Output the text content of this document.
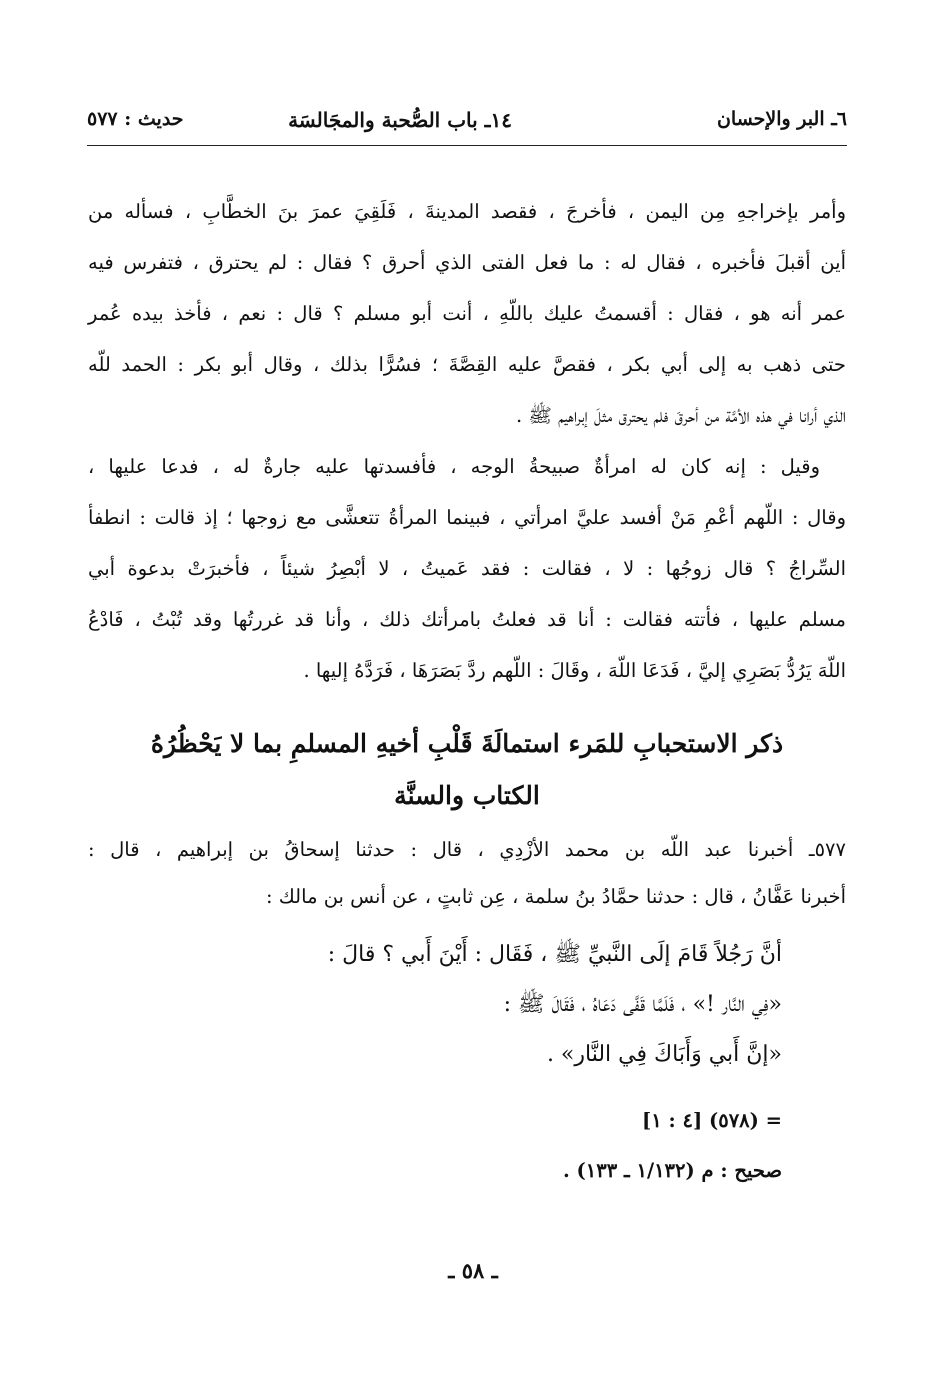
٦ـ البر والإحسان
١٤ـ باب الصُّحبة والمجَالسَة
حديث : ٥٧٧
وأمر بإخراجهِ مِن اليمن ، فأخرجَ ، فقصد المدينةَ ، فَلَقِيَ عمرَ بنَ الخطَّابِ ، فسأله من
أين أقبلَ فأخبره ، فقال له : ما فعل الفتى الذي أحرق ؟ فقال : لم يحترق ، فتفرس فيه
عمر أنه هو ، فقال : أقسمتُ عليك باللّهِ ، أنت أبو مسلم ؟ قال : نعم ، فأخذ بيده عُمر
حتى ذهب به إلى أبي بكر ، فقصَّ عليه القِصَّةَ ؛ فسُرًّا بذلك ، وقال أبو بكر : الحمد للّه
الذي أرانا في هذه الأمَّة من أحرقَ فلم يحترق مثلَ إبراهيم ﷺ .
وقيل : إنه كان له امرأةٌ صبيحةُ الوجه ، فأفسدتها عليه جارةٌ له ، فدعا عليها ،
وقال : اللّهم أعْمِ مَنْ أفسد عليَّ امرأتي ، فبينما المرأةُ تتعشَّى مع زوجها ؛ إذ قالت : انطفأ
السِّراجُ ؟ قال زوجُها : لا ، فقالت : فقد عَميتُ ، لا أبْصِرُ شيئاً ، فأخبرَتْ بدعوة أبي
مسلم عليها ، فأتته فقالت : أنا قد فعلتُ بامرأتك ذلك ، وأنا قد غررتُها وقد تُبْتُ ، فَادْعُ
اللّهَ يَرُدُّ بَصَرِي إليَّ ، فَدَعَا اللّهَ ، وقَالَ : اللّهم ردَّ بَصَرَهَا ، فَرَدَّهُ إليها .
ذكر الاستحبابِ للمَرء استمالَةَ قَلْبِ أخيهِ المسلمِ بما لا يَحْظُرُهُ
الكتاب والسنَّة
٥٧٧ـ أخبرنا عبد اللّه بن محمد الأزْدِي ، قال : حدثنا إسحاقُ بن إبراهيم ، قال :
أخبرنا عَفَّانُ ، قال : حدثنا حمَّادُ بنُ سلمة ، عِن ثابتٍ ، عن أنس بن مالك :
أنَّ رَجُلاً قَامَ إلَى النَّبيِّ ﷺ ، فَقَال : أَيْنَ أَبي ؟ قالَ :
«فِي النَّار !» ، فَلَمَّا قَفَّى دَعَاهُ ، فَقَالَ ﷺ :
«إنَّ أَبي وَأَبَاكَ فِي النَّار» .
= (٥٧٨) [٤ : ١]
صحيح : م (١/١٣٢ ـ ١٣٣) .
ـ ٥٨ ـ
